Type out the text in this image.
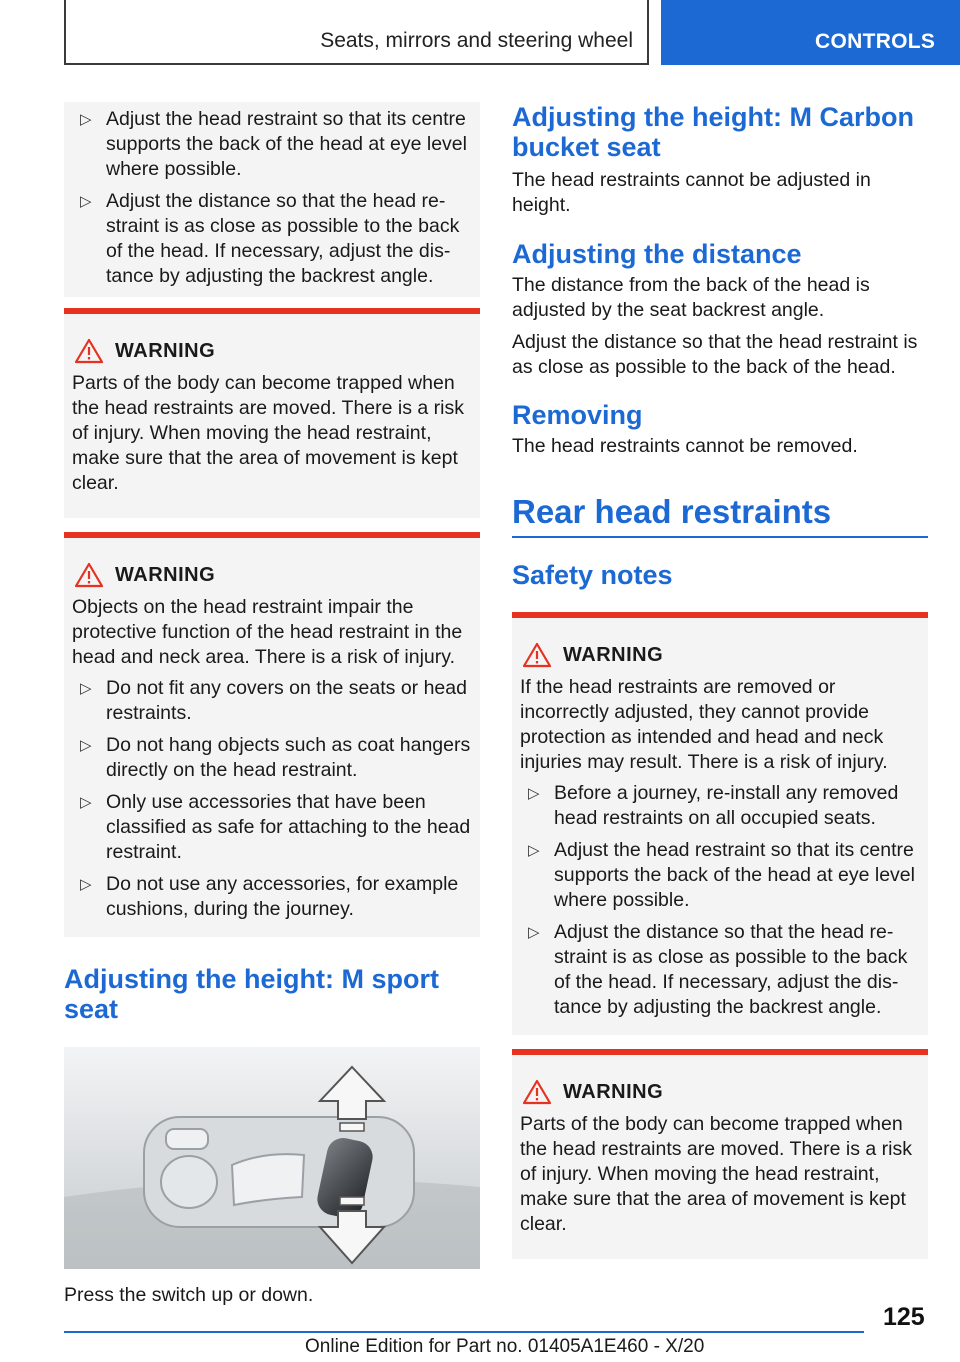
Seats, mirrors and steering wheel	CONTROLS
▷ Adjust the head restraint so that its centre supports the back of the head at eye level where possible.
▷ Adjust the distance so that the head restraint is as close as possible to the back of the head. If necessary, adjust the distance by adjusting the backrest angle.
WARNING

Parts of the body can become trapped when the head restraints are moved. There is a risk of injury. When moving the head restraint, make sure that the area of movement is kept clear.

WARNING

Objects on the head restraint impair the protective function of the head restraint in the head and neck area. There is a risk of injury.

▷ Do not fit any covers on the seats or head restraints.
▷ Do not hang objects such as coat hangers directly on the head restraint.
▷ Only use accessories that have been classified as safe for attaching to the head restraint.
▷ Do not use any accessories, for example cushions, during the journey.
Adjusting the height: M sport seat

Press the switch up or down.

Adjusting the height: M Carbon bucket seat

The head restraints cannot be adjusted in height.

Adjusting the distance

The distance from the back of the head is adjusted by the seat backrest angle.

Adjust the distance so that the head restraint is as close as possible to the back of the head.

Removing

The head restraints cannot be removed.

Rear head restraints
Safety notes
WARNING

If the head restraints are removed or incorrectly adjusted, they cannot provide protection as intended and head and neck injuries may result. There is a risk of injury.

▷ Before a journey, re-install any removed head restraints on all occupied seats.
▷ Adjust the head restraint so that its centre supports the back of the head at eye level where possible.
▷ Adjust the distance so that the head restraint is as close as possible to the back of the head. If necessary, adjust the distance by adjusting the backrest angle.
WARNING

Parts of the body can become trapped when the head restraints are moved. There is a risk of injury. When moving the head restraint, make sure that the area of movement is kept clear.

125
Online Edition for Part no. 01405A1E460 - X/20
